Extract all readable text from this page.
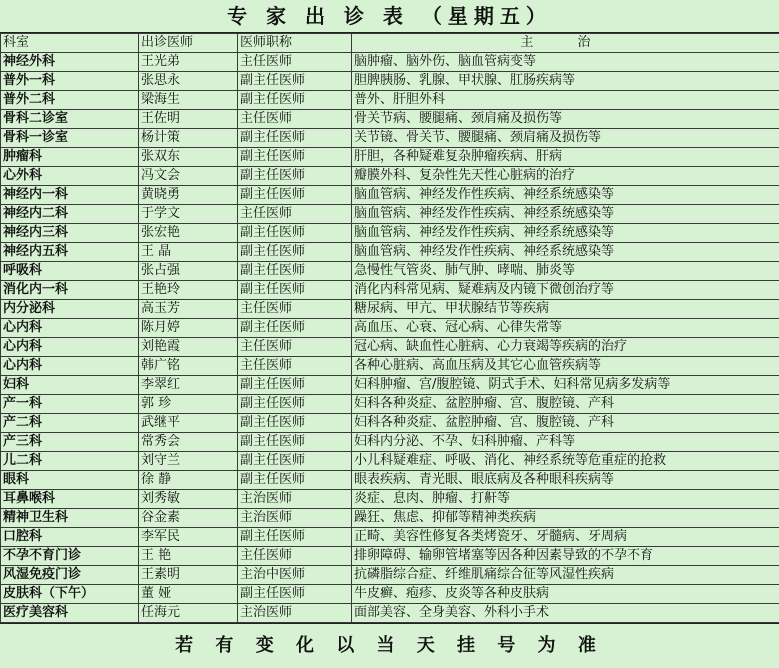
专 家 出 诊 表 （星期五）
科室	出诊医师	医师职称	主 治
神经外科	王光弟	主任医师	脑肿瘤、脑外伤、脑血管病变等
普外一科	张思永	副主任医师	胆脾胰肠、乳腺、甲状腺、肛肠疾病等
普外二科	梁海生	副主任医师	普外、肝胆外科
骨科二诊室	王佐明	主任医师	骨关节病、腰腿痛、颈肩痛及损伤等
骨科一诊室	杨计策	副主任医师	关节镜、骨关节、腰腿痛、颈肩痛及损伤等
肿瘤科	张双东	副主任医师	肝胆，各种疑难复杂肿瘤疾病、肝病
心外科	冯文会	副主任医师	瓣膜外科、复杂性先天性心脏病的治疗
神经内一科	黄晓勇	副主任医师	脑血管病、神经发作性疾病、神经系统感染等
神经内二科	于学文	主任医师	脑血管病、神经发作性疾病、神经系统感染等
神经内三科	张宏艳	副主任医师	脑血管病、神经发作性疾病、神经系统感染等
神经内五科	王 晶	副主任医师	脑血管病、神经发作性疾病、神经系统感染等
呼吸科	张占强	副主任医师	急慢性气管炎、肺气肿、哮喘、肺炎等
消化内一科	王艳玲	副主任医师	消化内科常见病、疑难病及内镜下微创治疗等
内分泌科	高玉芳	主任医师	糖尿病、甲亢、甲状腺结节等疾病
心内科	陈月婷	副主任医师	高血压、心衰、冠心病、心律失常等
心内科	刘艳霞	主任医师	冠心病、缺血性心脏病、心力衰竭等疾病的治疗
心内科	韩广铭	主任医师	各种心脏病、高血压病及其它心血管疾病等
妇科	李翠红	副主任医师	妇科肿瘤、宫/腹腔镜、阴式手术、妇科常见病多发病等
产一科	郭 珍	副主任医师	妇科各种炎症、盆腔肿瘤、宫、腹腔镜、产科
产二科	武继平	副主任医师	妇科各种炎症、盆腔肿瘤、宫、腹腔镜、产科
产三科	常秀会	副主任医师	妇科内分泌、不孕、妇科肿瘤、产科等
儿二科	刘守兰	副主任医师	小儿科疑难症、呼吸、消化、神经系统等危重症的抢救
眼科	徐 静	副主任医师	眼表疾病、青光眼、眼底病及各种眼科疾病等
耳鼻喉科	刘秀敏	主治医师	炎症、息肉、肿瘤、打鼾等
精神卫生科	谷金素	主治医师	躁狂、焦虑、抑郁等精神类疾病
口腔科	李军民	副主任医师	正畸、美容性修复各类烤瓷牙、牙髓病、牙周病
不孕不育门诊	王 艳	主任医师	排卵障碍、输卵管堵塞等因各种因素导致的不孕不育
风湿免疫门诊	王素明	主治中医师	抗磷脂综合症、纤维肌痛综合征等风湿性疾病
皮肤科（下午）	董 娅	副主任医师	牛皮癣、疱疹、皮炎等各种皮肤病
医疗美容科	任海元	主治医师	面部美容、全身美容、外科小手术
若 有 变 化 以 当 天 挂 号 为 准
